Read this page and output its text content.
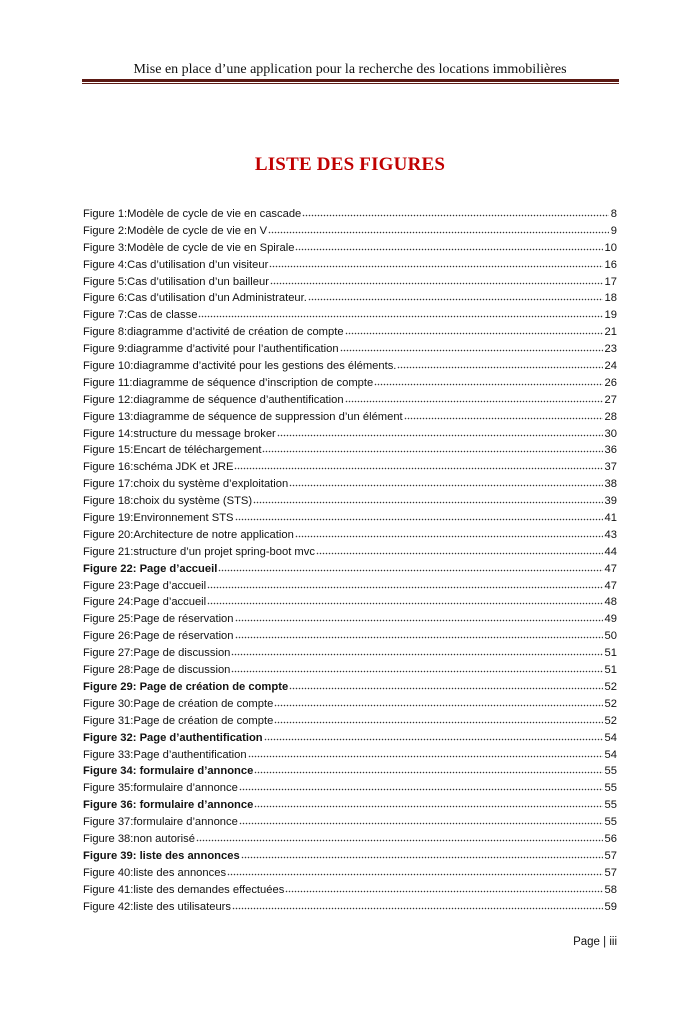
Mise en place d’une application pour la recherche des locations immobilières
LISTE DES FIGURES
Figure 1:Modèle de cycle de vie en cascade	8
Figure 2:Modèle de cycle de vie en V	9
Figure 3:Modèle de cycle de vie en Spirale	10
Figure 4:Cas d’utilisation d’un visiteur	16
Figure 5:Cas d’utilisation d’un bailleur	17
Figure 6:Cas d’utilisation d’un Administrateur.	18
Figure 7:Cas de classe	19
Figure 8:diagramme d’activité de création de compte	21
Figure 9:diagramme d’activité pour l’authentification	23
Figure 10:diagramme d’activité pour les gestions des éléments.	24
Figure 11:diagramme de séquence d’inscription de compte	26
Figure 12:diagramme de séquence d’authentification	27
Figure 13:diagramme de séquence de suppression d’un élément	28
Figure 14:structure du message broker	30
Figure 15:Encart de téléchargement	36
Figure 16:schéma JDK et JRE	37
Figure 17:choix du système d’exploitation	38
Figure 18:choix du système (STS)	39
Figure 19:Environnement STS	41
Figure 20:Architecture de notre application	43
Figure 21:structure d’un projet spring-boot mvc	44
Figure 22: Page d’accueil	47
Figure 23:Page d’accueil	47
Figure 24:Page d’accueil	48
Figure 25:Page de réservation	49
Figure 26:Page de réservation	50
Figure 27:Page de discussion	51
Figure 28:Page de discussion	51
Figure 29: Page de création de compte	52
Figure 30:Page de création de compte	52
Figure 31:Page de création de compte	52
Figure 32: Page d’authentification	54
Figure 33:Page d’authentification	54
Figure 34: formulaire d’annonce	55
Figure 35:formulaire d’annonce	55
Figure 36: formulaire d’annonce	55
Figure 37:formulaire d’annonce	55
Figure 38:non autorisé	56
Figure 39: liste des annonces	57
Figure 40:liste des annonces	57
Figure 41:liste des demandes effectuées	58
Figure 42:liste des utilisateurs	59
Page | iii
